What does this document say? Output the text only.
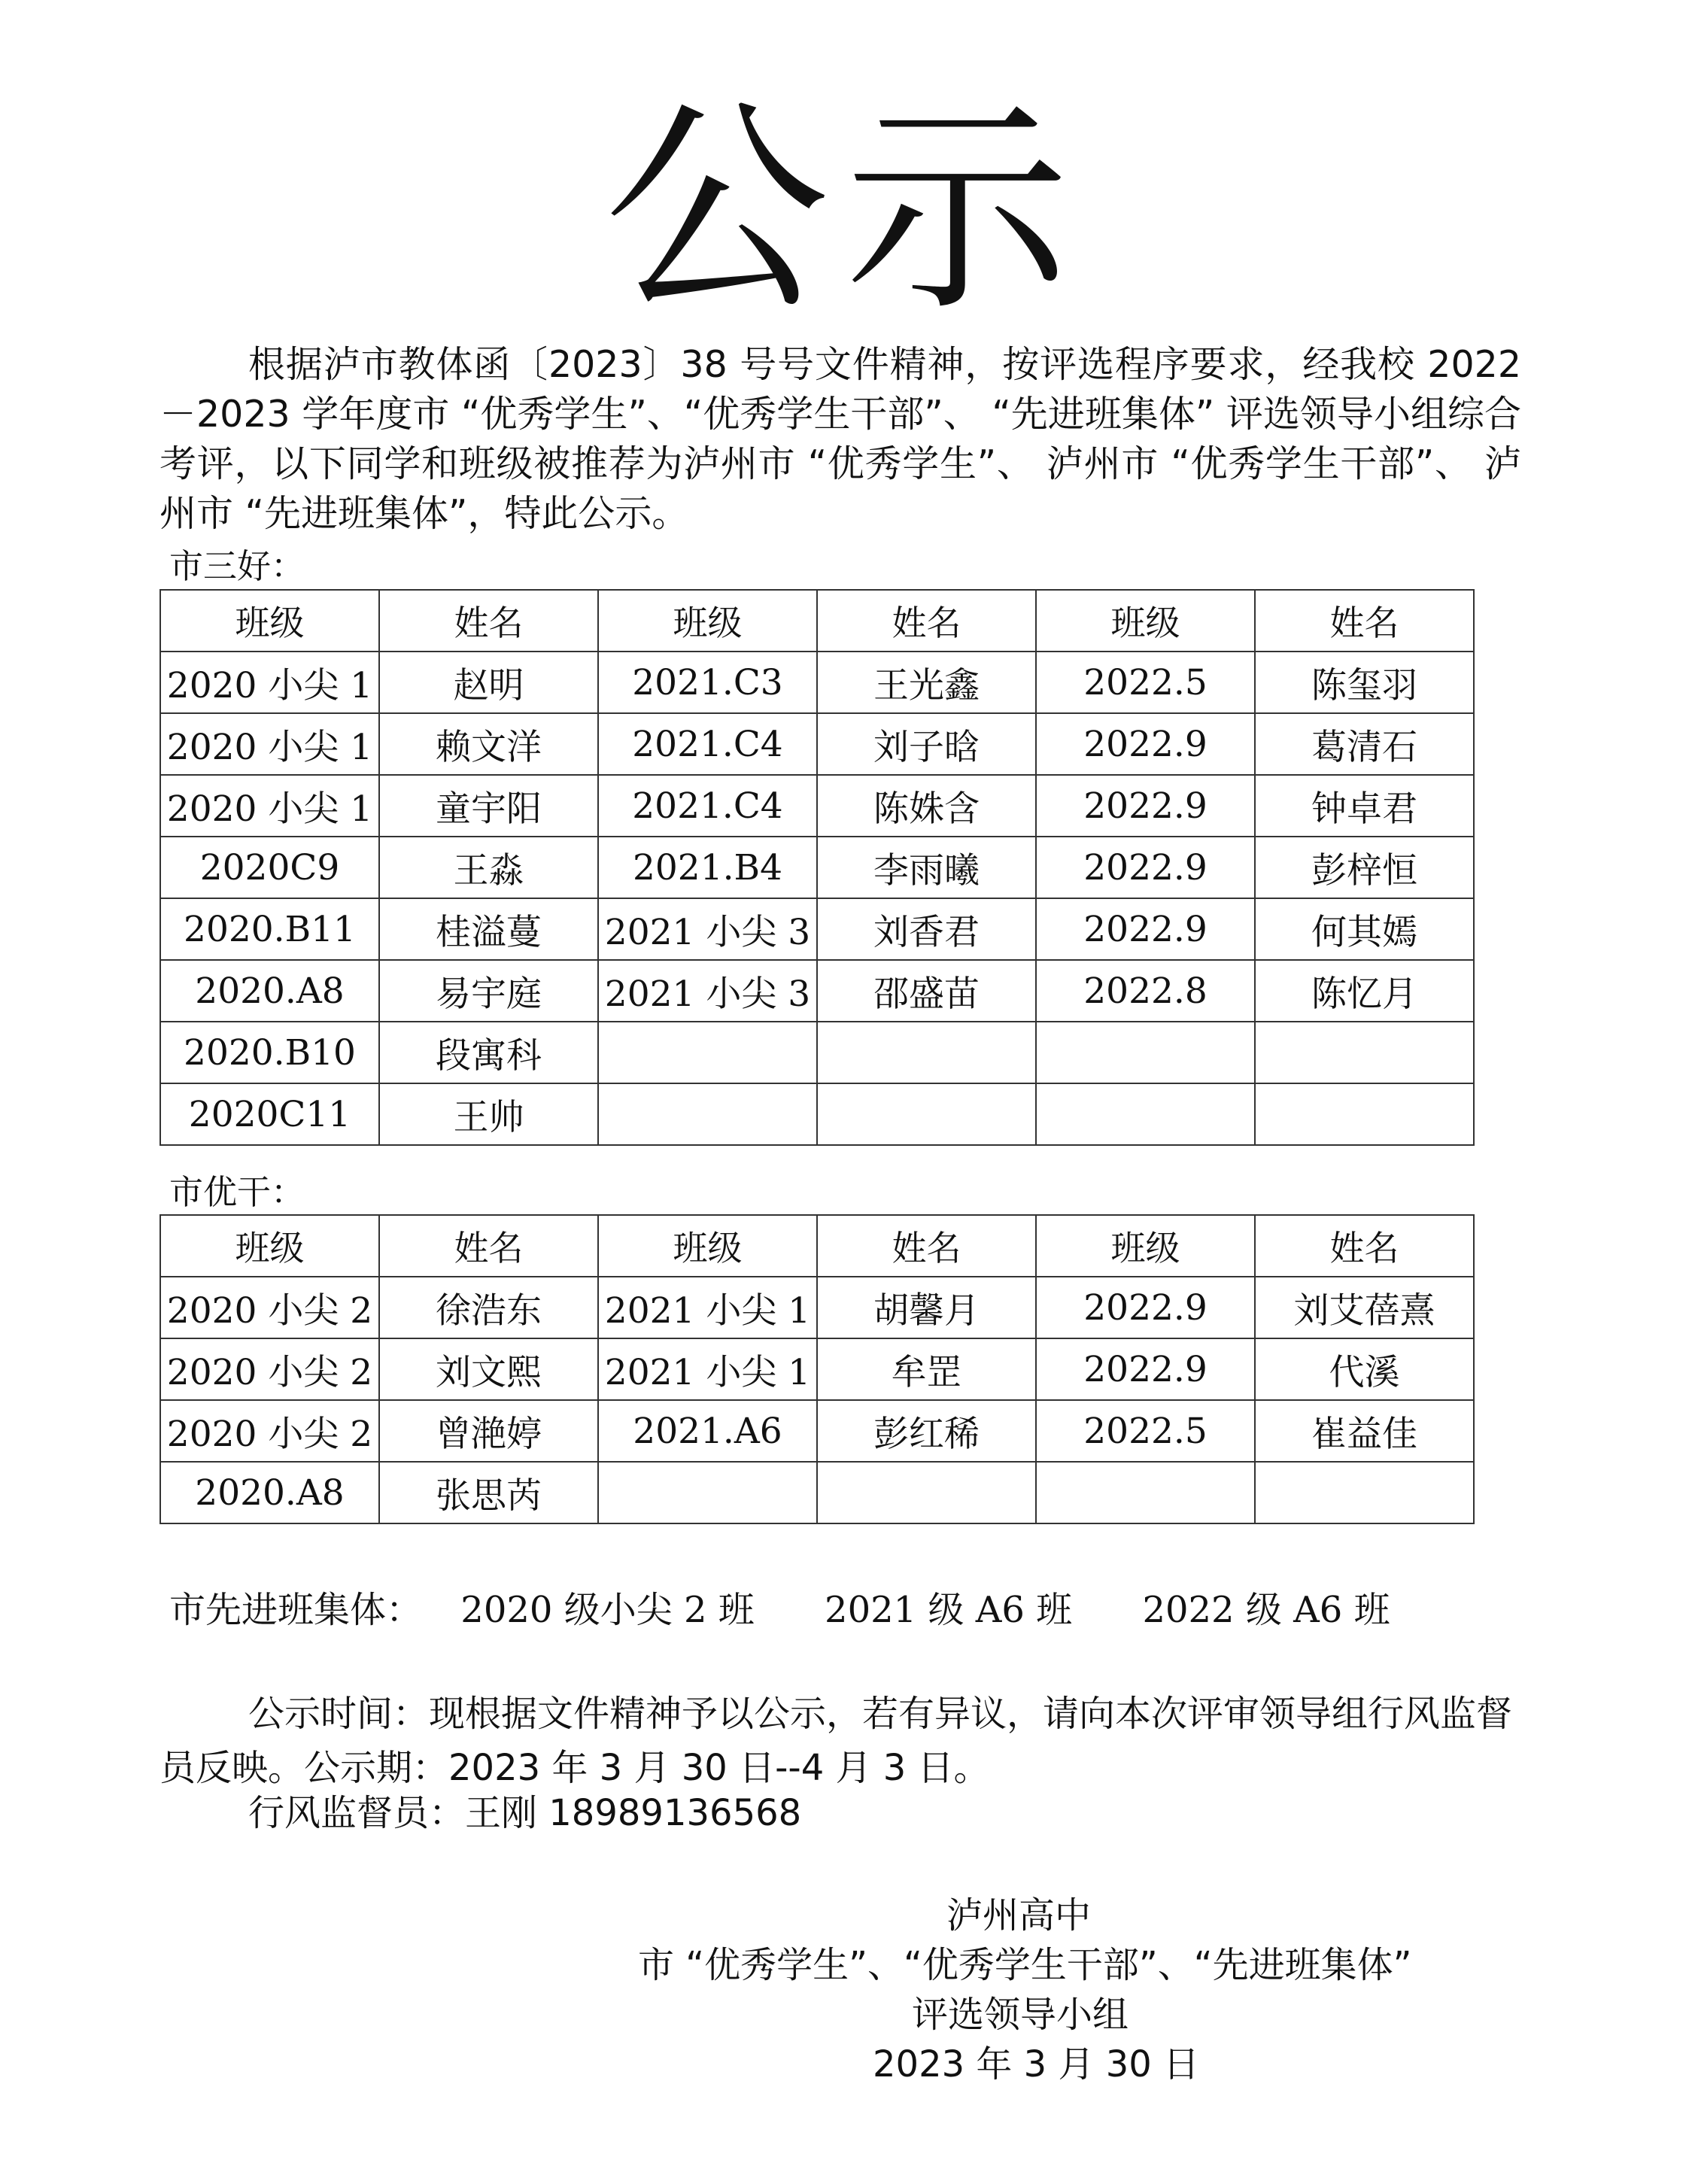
公示

根据泸市教体函〔2023〕38 号号文件精神，按评选程序要求，经我校 2022－2023 学年度市 “优秀学生”、“优秀学生干部”、 “先进班集体” 评选领导小组综合考评，以下同学和班级被推荐为泸州市 “优秀学生”、 泸州市 “优秀学生干部”、 泸州市 “先进班集体”，特此公示。

市三好：

班级	姓名	班级	姓名	班级	姓名
2020 小尖 1	赵明	2021.C3	王光鑫	2022.5	陈玺羽
2020 小尖 1	赖文洋	2021.C4	刘子晗	2022.9	葛清石
2020 小尖 1	童宇阳	2021.C4	陈姝含	2022.9	钟卓君
2020C9	王淼	2021.B4	李雨曦	2022.9	彭梓恒
2020.B11	桂溢蔓	2021 小尖 3	刘香君	2022.9	何其嫣
2020.A8	易宇庭	2021 小尖 3	邵盛苗	2022.8	陈忆月
2020.B10	段寓科				
2020C11	王帅				

市优干：

班级	姓名	班级	姓名	班级	姓名
2020 小尖 2	徐浩东	2021 小尖 1	胡馨月	2022.9	刘艾蓓熹
2020 小尖 2	刘文熙	2021 小尖 1	牟罡	2022.9	代溪
2020 小尖 2	曾滟婷	2021.A6	彭红稀	2022.5	崔益佳
2020.A8	张思芮				
市先进班集体： 2020 级小尖 2 班 2021 级 A6 班 2022 级 A6 班

公示时间：现根据文件精神予以公示，若有异议，请向本次评审领导组行风监督员反映。公示期：2023 年 3 月 30 日--4 月 3 日。

行风监督员：王刚 18989136568

泸州高中

市 “优秀学生”、“优秀学生干部”、“先进班集体”

评选领导小组

2023 年 3 月 30 日
